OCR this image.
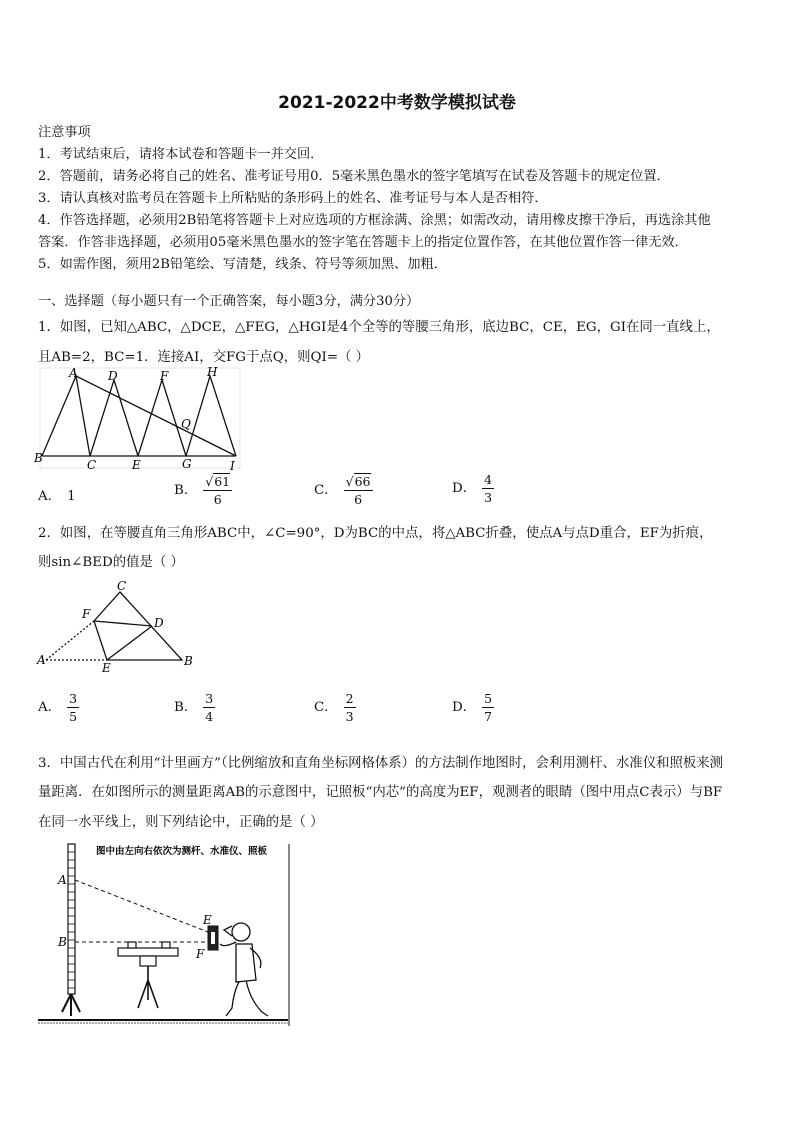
2021-2022中考数学模拟试卷
注意事项
1．考试结束后，请将本试卷和答题卡一并交回．
2．答题前，请务必将自己的姓名、准考证号用0．5毫米黑色墨水的签字笔填写在试卷及答题卡的规定位置．
3．请认真核对监考员在答题卡上所粘贴的条形码上的姓名、准考证号与本人是否相符．
4．作答选择题，必须用2B铅笔将答题卡上对应选项的方框涂满、涂黑；如需改动，请用橡皮擦干净后，再选涂其他
答案．作答非选择题，必须用05毫米黑色墨水的签字笔在答题卡上的指定位置作答，在其他位置作答一律无效．
5．如需作图，须用2B铅笔绘、写清楚，线条、符号等须加黑、加粗．
一、选择题（每小题只有一个正确答案，每小题3分，满分30分）
1．如图，已知△ABC，△DCE，△FEG，△HGI是4个全等的等腰三角形，底边BC，CE，EG，GI在同一直线上，
且AB=2，BC=1．连接AI，交FG于点Q，则QI=（ ）
A	D	F	H
B	C	E	G	I
Q
A． 1	B． $\frac{√61}{6}$	C． $\frac{√66}{6}$	D． $\frac{4}{3}$
2．如图，在等腰直角三角形ABC中，∠C=90°，D为BC的中点，将△ABC折叠，使点A与点D重合，EF为折痕，
则sin∠BED的值是（ ）
C
F
D
A
E	B
A． $\frac{3}{5}$	B． $\frac{3}{4}$	C． $\frac{2}{3}$	D． $\frac{5}{7}$
3．中国古代在利用“计里画方”（比例缩放和直角坐标网格体系）的方法制作地图时，会利用测杆、水准仪和照板来测
量距离．在如图所示的测量距离AB的示意图中，记照板“内芯”的高度为EF，观测者的眼睛（图中用点C表示）与BF
在同一水平线上，则下列结论中，正确的是（ ）
图中由左向右依次为测杆、水准仪、照板
A
B
E
F
